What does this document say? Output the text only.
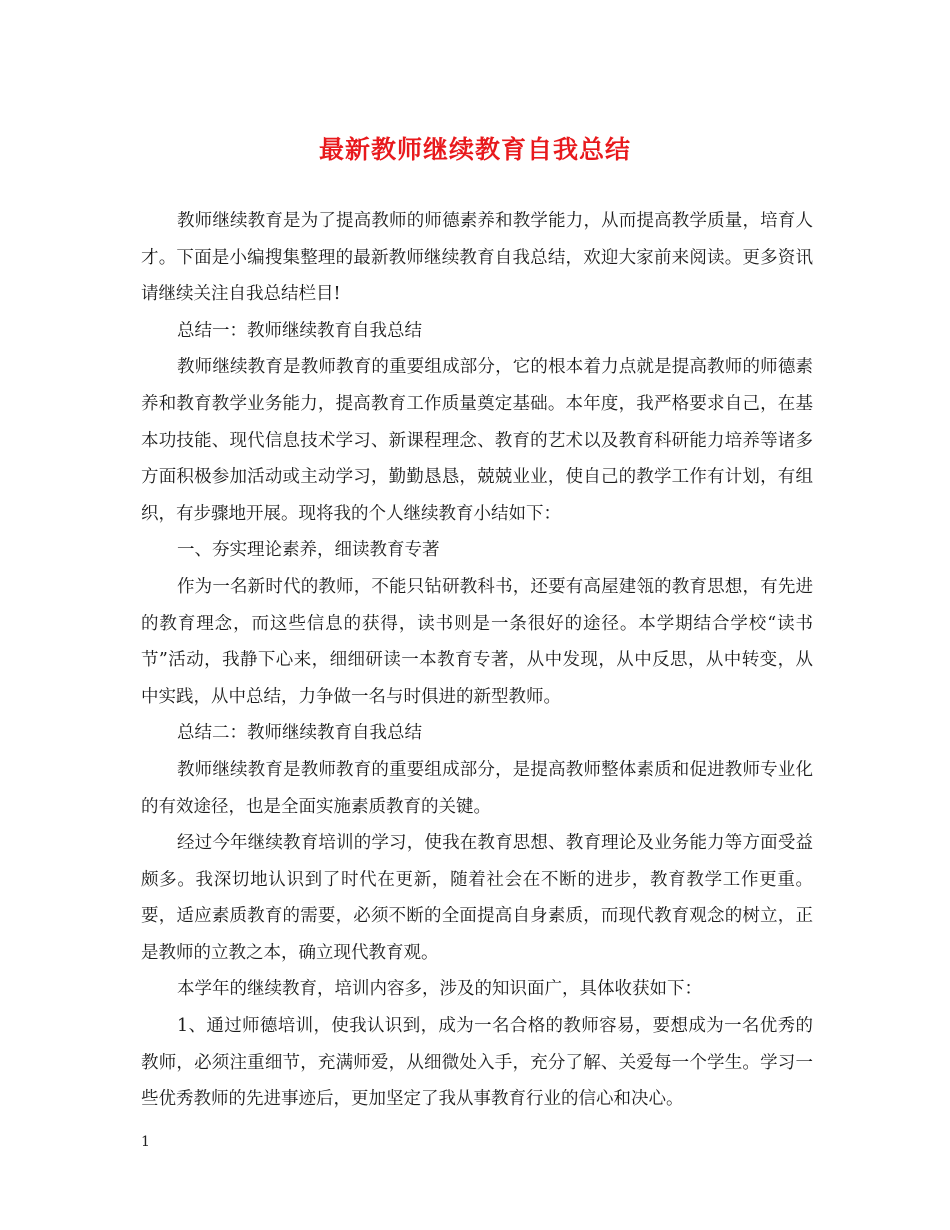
最新教师继续教育自我总结

教师继续教育是为了提高教师的师德素养和教学能力，从而提高教学质量，培育人才。下面是小编搜集整理的最新教师继续教育自我总结，欢迎大家前来阅读。更多资讯请继续关注自我总结栏目!

总结一：教师继续教育自我总结

教师继续教育是教师教育的重要组成部分，它的根本着力点就是提高教师的师德素养和教育教学业务能力，提高教育工作质量奠定基础。本年度，我严格要求自己，在基本功技能、现代信息技术学习、新课程理念、教育的艺术以及教育科研能力培养等诸多方面积极参加活动或主动学习，勤勤恳恳，兢兢业业，使自己的教学工作有计划，有组织，有步骤地开展。现将我的个人继续教育小结如下：

一、夯实理论素养，细读教育专著

作为一名新时代的教师，不能只钻研教科书，还要有高屋建瓴的教育思想，有先进的教育理念，而这些信息的获得，读书则是一条很好的途径。本学期结合学校“读书节”活动，我静下心来，细细研读一本教育专著，从中发现，从中反思，从中转变，从中实践，从中总结，力争做一名与时俱进的新型教师。

总结二：教师继续教育自我总结

教师继续教育是教师教育的重要组成部分，是提高教师整体素质和促进教师专业化的有效途径，也是全面实施素质教育的关键。

经过今年继续教育培训的学习，使我在教育思想、教育理论及业务能力等方面受益颇多。我深切地认识到了时代在更新，随着社会在不断的进步，教育教学工作更重。要，适应素质教育的需要，必须不断的全面提高自身素质，而现代教育观念的树立，正是教师的立教之本，确立现代教育观。

本学年的继续教育，培训内容多，涉及的知识面广，具体收获如下：

1、通过师德培训，使我认识到，成为一名合格的教师容易，要想成为一名优秀的教师，必须注重细节，充满师爱，从细微处入手，充分了解、关爱每一个学生。学习一些优秀教师的先进事迹后，更加坚定了我从事教育行业的信心和决心。

1
